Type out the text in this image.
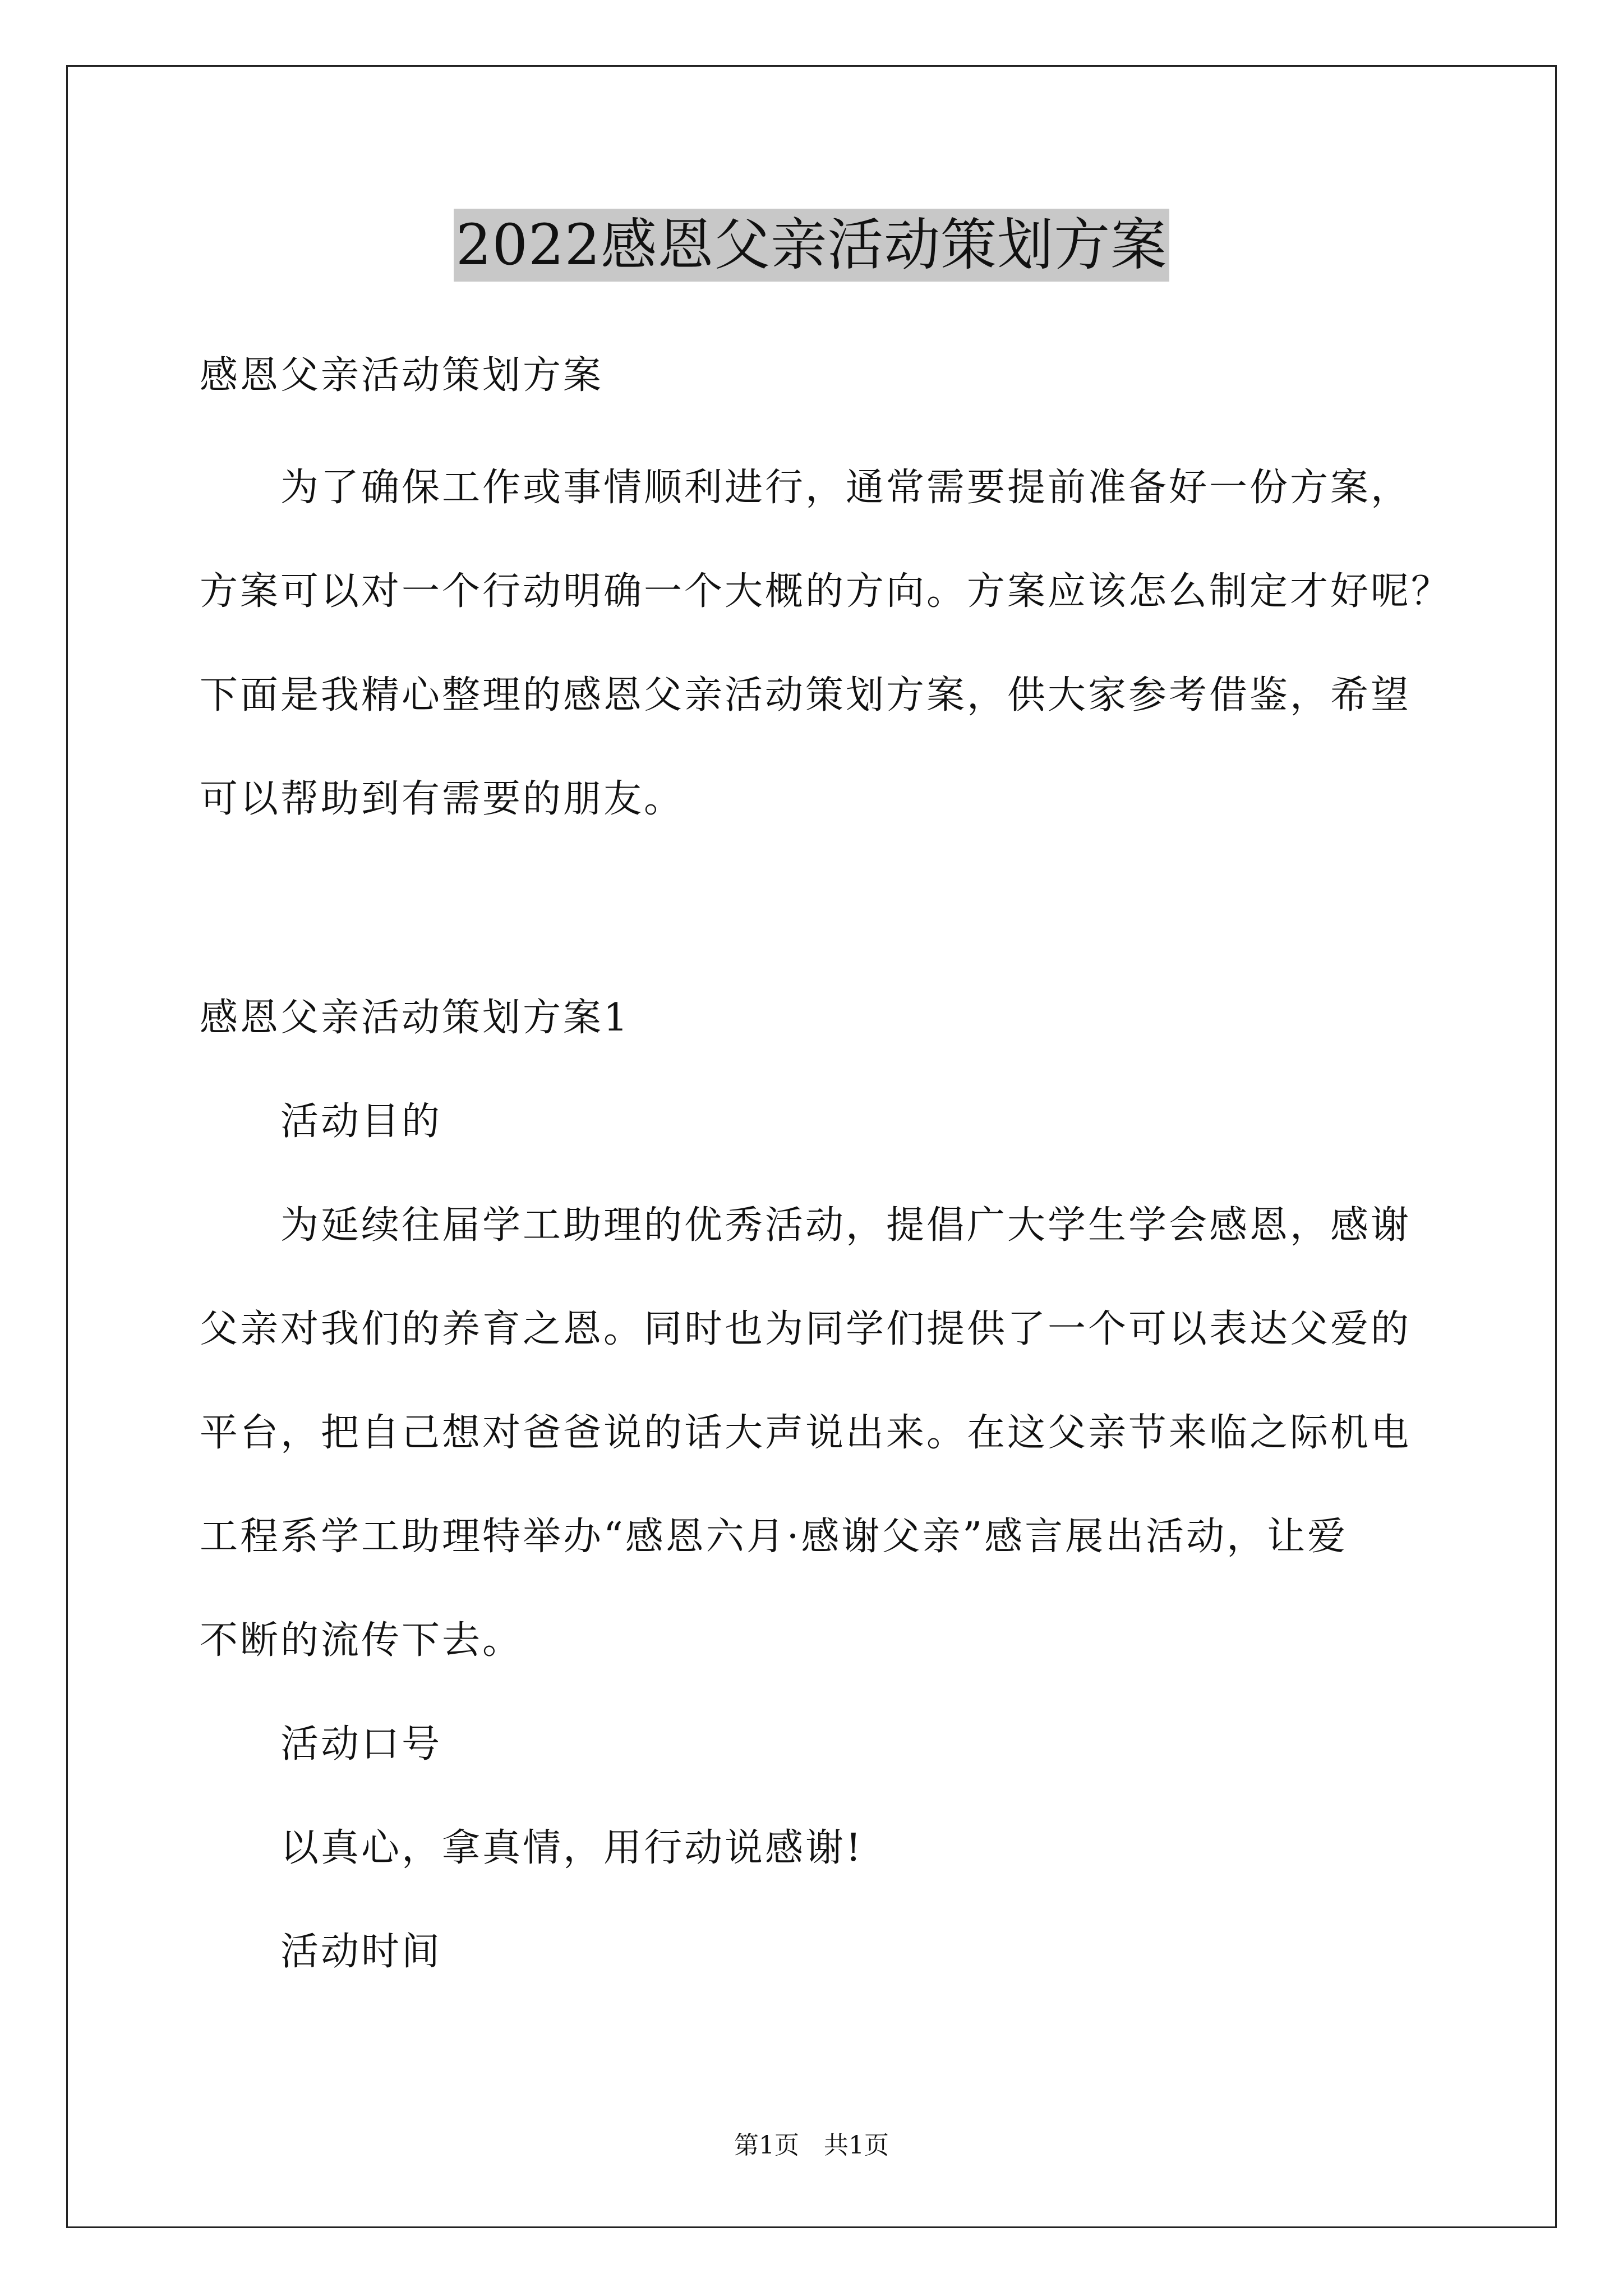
2022感恩父亲活动策划方案
感恩父亲活动策划方案
为了确保工作或事情顺利进行，通常需要提前准备好一份方案，
方案可以对一个行动明确一个大概的方向。方案应该怎么制定才好呢？
下面是我精心整理的感恩父亲活动策划方案，供大家参考借鉴，希望
可以帮助到有需要的朋友。
感恩父亲活动策划方案1
活动目的
为延续往届学工助理的优秀活动，提倡广大学生学会感恩，感谢
父亲对我们的养育之恩。同时也为同学们提供了一个可以表达父爱的
平台，把自己想对爸爸说的话大声说出来。在这父亲节来临之际机电
工程系学工助理特举办“感恩六月·感谢父亲”感言展出活动，让爱
不断的流传下去。
活动口号
以真心，拿真情，用行动说感谢!
活动时间
第1页 共1页
